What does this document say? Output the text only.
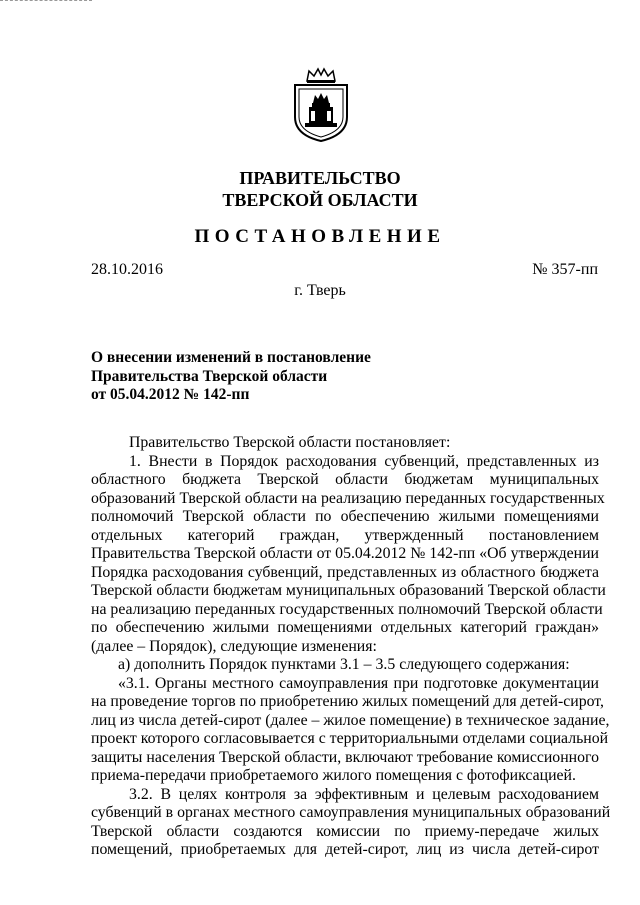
ПРАВИТЕЛЬСТВО
ТВЕРСКОЙ ОБЛАСТИ
ПОСТАНОВЛЕНИЕ
28.10.2016	№ 357-пп
г. Тверь
О внесении изменений в постановление
Правительства Тверской области
от 05.04.2012 № 142-пп
Правительство Тверской области постановляет:
1. Внести в Порядок расходования субвенций, представленных из
областного бюджета Тверской области бюджетам муниципальных
образований Тверской области на реализацию переданных государственных
полномочий Тверской области по обеспечению жилыми помещениями
отдельных категорий граждан, утвержденный постановлением
Правительства Тверской области от 05.04.2012 № 142-пп «Об утверждении
Порядка расходования субвенций, представленных из областного бюджета
Тверской области бюджетам муниципальных образований Тверской области
на реализацию переданных государственных полномочий Тверской области
по обеспечению жилыми помещениями отдельных категорий граждан»
(далее – Порядок), следующие изменения:
а) дополнить Порядок пунктами 3.1 – 3.5 следующего содержания:
«3.1. Органы местного самоуправления при подготовке документации
на проведение торгов по приобретению жилых помещений для детей-сирот,
лиц из числа детей-сирот (далее – жилое помещение) в техническое задание,
проект которого согласовывается с территориальными отделами социальной
защиты населения Тверской области, включают требование комиссионного
приема-передачи приобретаемого жилого помещения с фотофиксацией.
3.2. В целях контроля за эффективным и целевым расходованием
субвенций в органах местного самоуправления муниципальных образований
Тверской области создаются комиссии по приему-передаче жилых
помещений, приобретаемых для детей-сирот, лиц из числа детей-сирот
